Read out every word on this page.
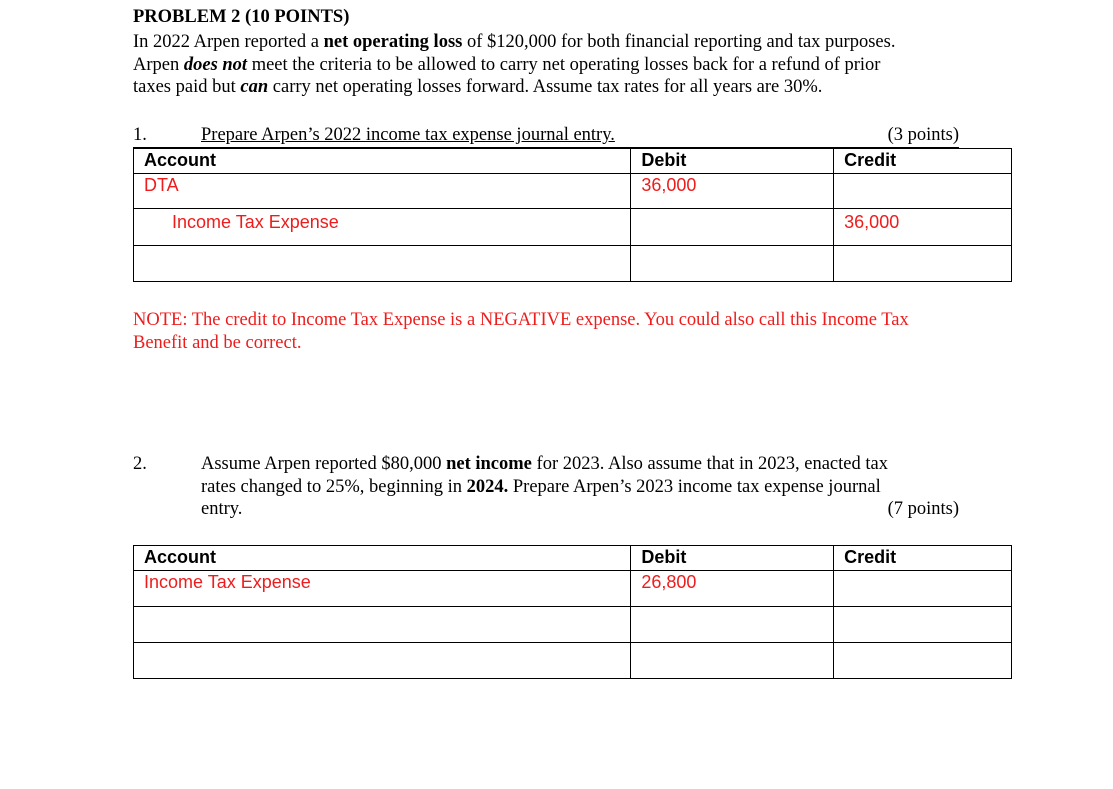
PROBLEM 2 (10 POINTS)
In 2022 Arpen reported a net operating loss of $120,000 for both financial reporting and tax purposes.
Arpen does not meet the criteria to be allowed to carry net operating losses back for a refund of prior
taxes paid but can carry net operating losses forward. Assume tax rates for all years are 30%.
1.	Prepare Arpen’s 2022 income tax expense journal entry.	(3 points)
Account	Debit	Credit
DTA	36,000	
Income Tax Expense		36,000

NOTE: The credit to Income Tax Expense is a NEGATIVE expense. You could also call this Income Tax
Benefit and be correct.
2.	Assume Arpen reported $80,000 net income for 2023. Also assume that in 2023, enacted tax
rates changed to 25%, beginning in 2024. Prepare Arpen’s 2023 income tax expense journal
entry.	(7 points)
Account	Debit	Credit
Income Tax Expense	26,800	
